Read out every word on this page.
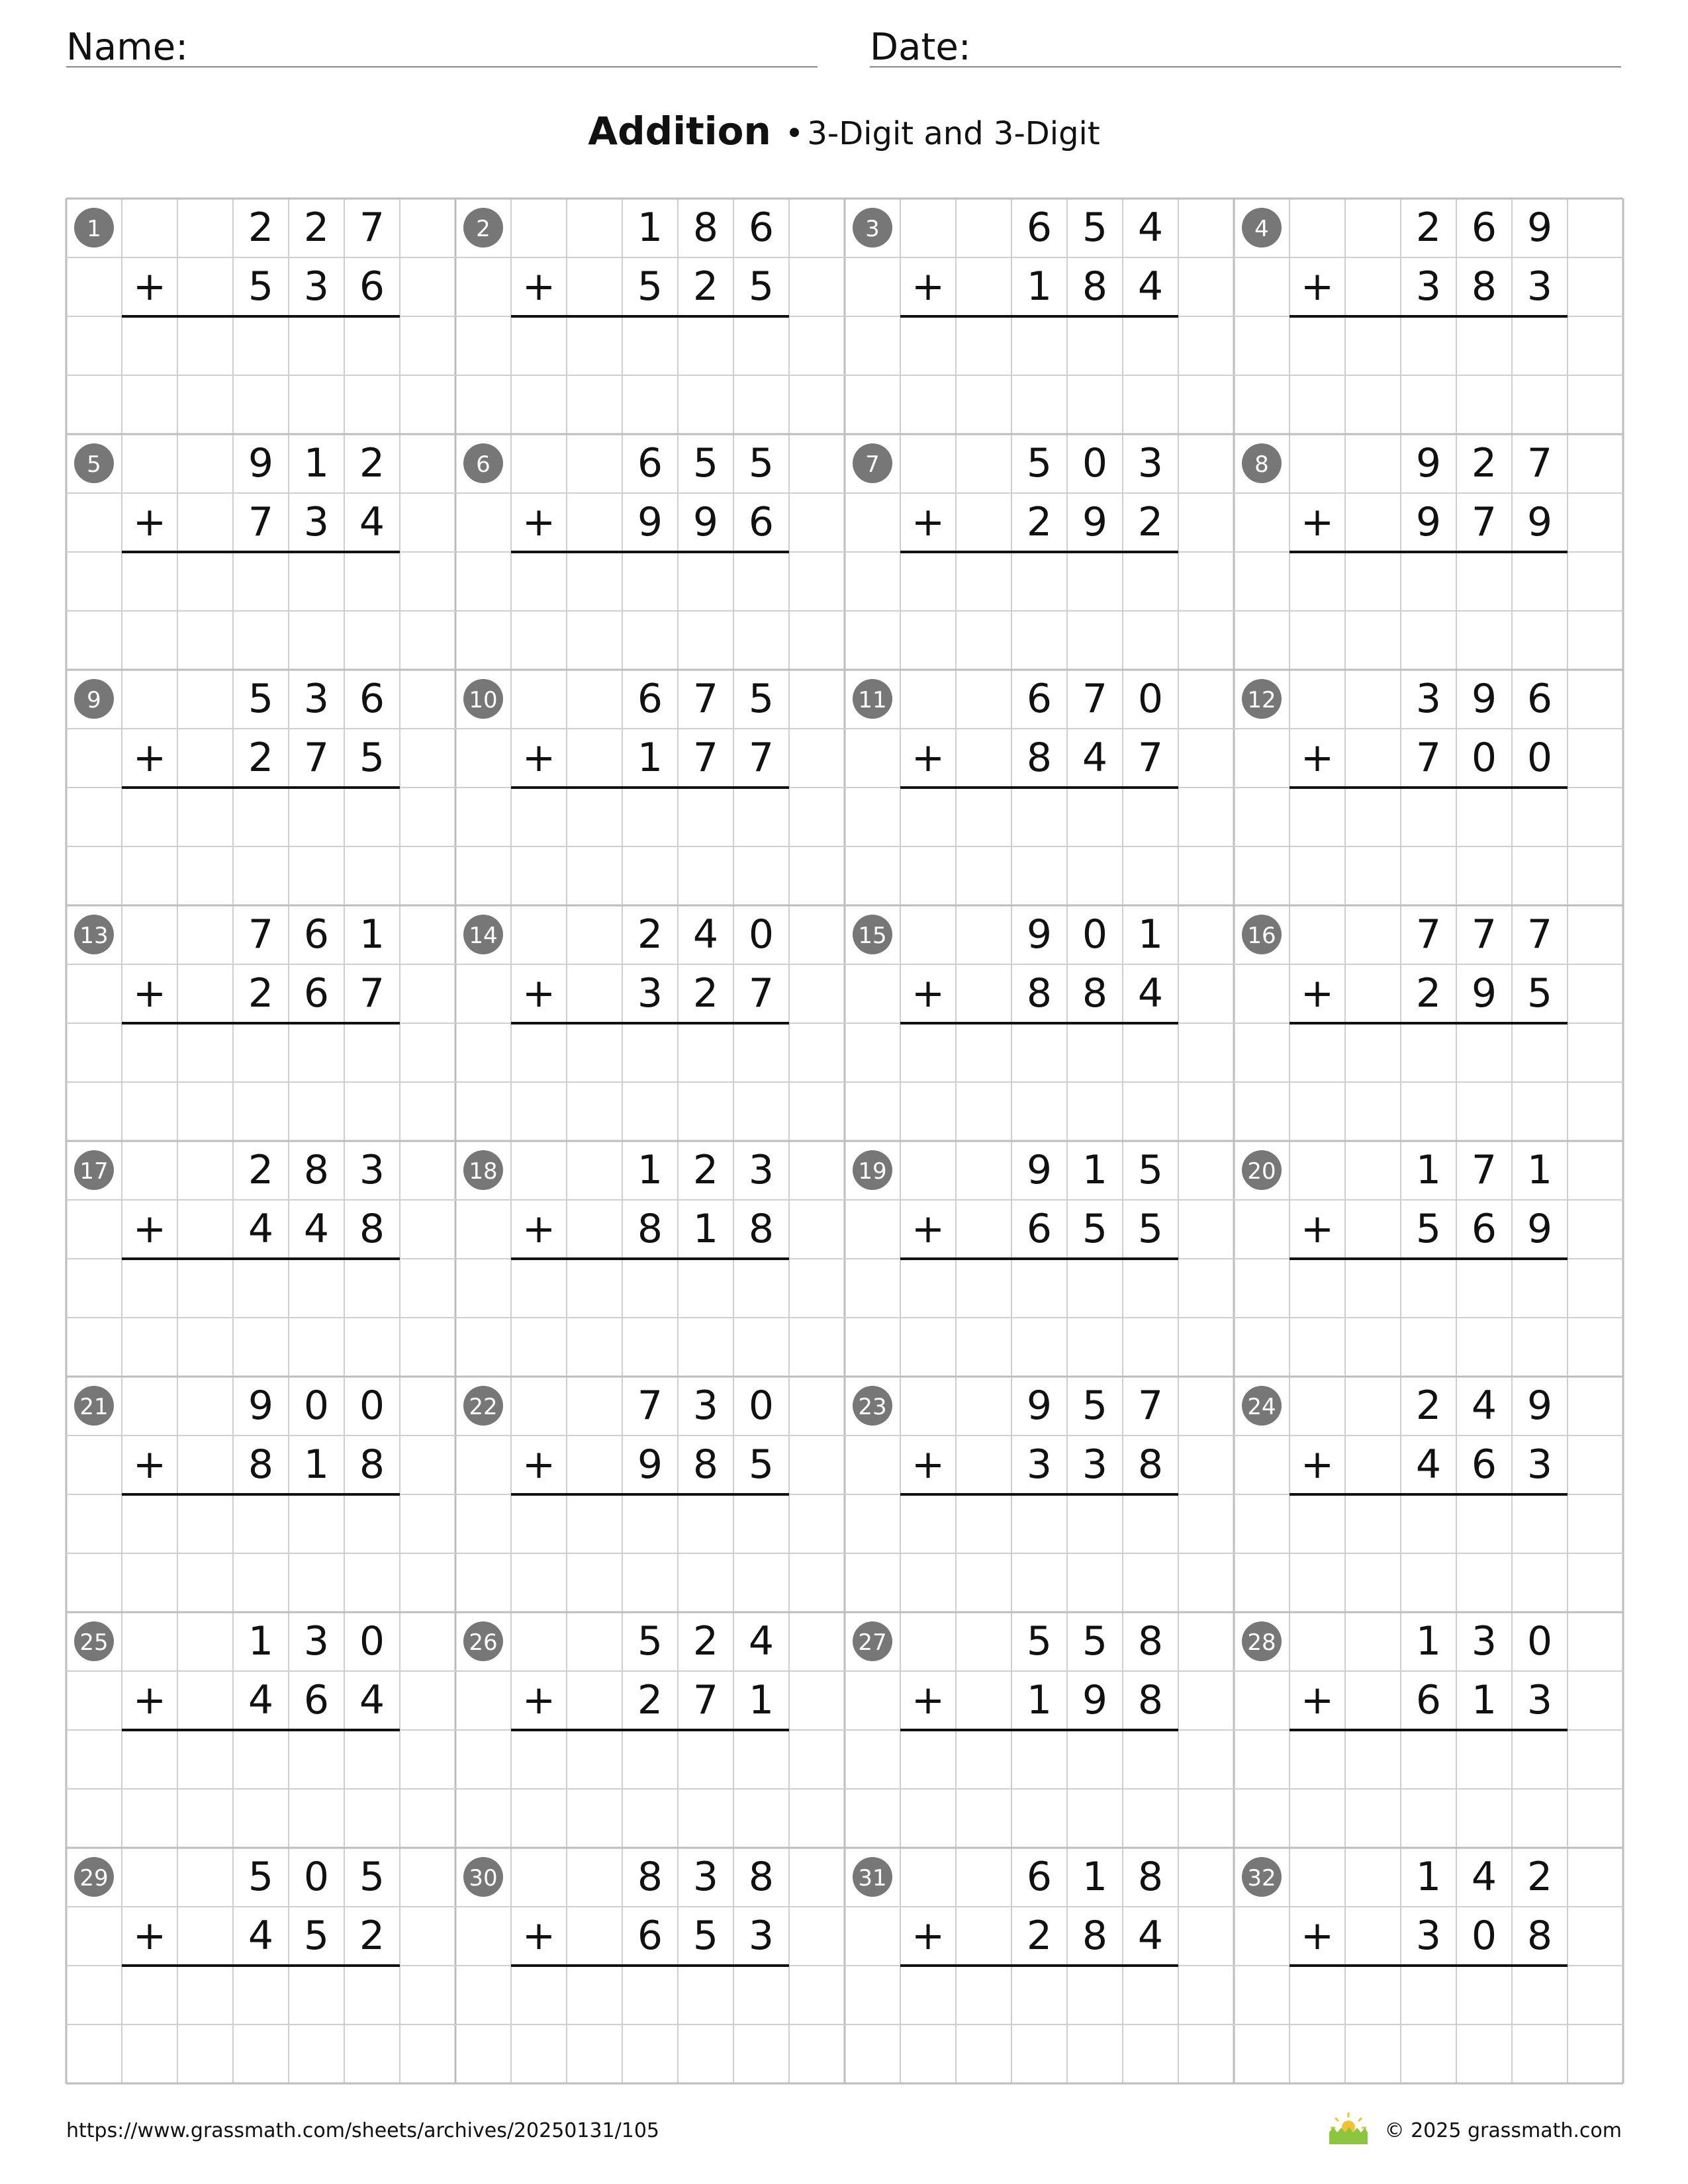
Name:	Date:
Addition • 3-Digit and 3-Digit
1	2 2 7
5 3 6
+
2	1 8 6
5 2 5
+
3	6 5 4
1 8 4
+
4	2 6 9
3 8 3
+
5	9 1 2
7 3 4
+
6	6 5 5
9 9 6
+
7	5 0 3
2 9 2
+
8	9 2 7
9 7 9
+
9	5 3 6
2 7 5
+
10	6 7 5
1 7 7
+
11	6 7 0
8 4 7
+
12	3 9 6
7 0 0
+
13	7 6 1
2 6 7
+
14	2 4 0
3 2 7
+
15	9 0 1
8 8 4
+
16	7 7 7
2 9 5
+
17	2 8 3
4 4 8
+
18	1 2 3
8 1 8
+
19	9 1 5
6 5 5
+
20	1 7 1
5 6 9
+
21	9 0 0
8 1 8
+
22	7 3 0
9 8 5
+
23	9 5 7
3 3 8
+
24	2 4 9
4 6 3
+
25	1 3 0
4 6 4
+
26	5 2 4
2 7 1
+
27	5 5 8
1 9 8
+
28	1 3 0
6 1 3
+
29	5 0 5
4 5 2
+
30	8 3 8
6 5 3
+
31	6 1 8
2 8 4
+
32	1 4 2
3 0 8
+
https://www.grassmath.com/sheets/archives/20250131/105	© 2025 grassmath.com
